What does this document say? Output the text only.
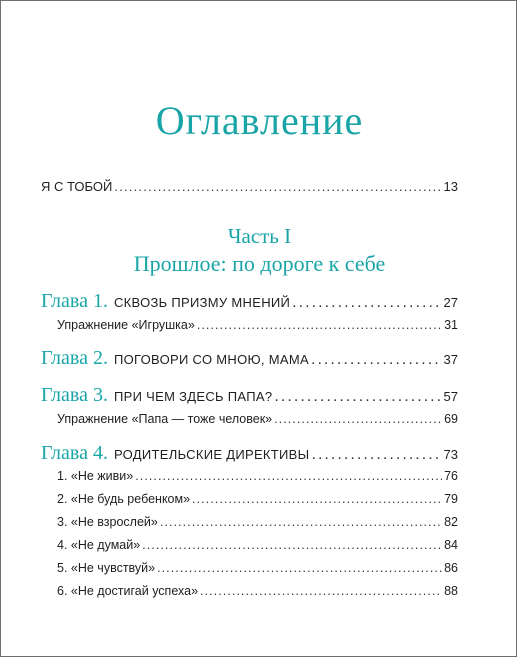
Оглавление
Я С ТОБОЙ . . .	13
Часть I
Прошлое: по дороге к себе
Глава 1. СКВОЗЬ ПРИЗМУ МНЕНИЙ . . .	27
Упражнение «Игрушка» . . .	31
Глава 2. ПОГОВОРИ СО МНОЮ, МАМА . . .	37
Глава 3. ПРИ ЧЕМ ЗДЕСЬ ПАПА? . . .	57
Упражнение «Папа — тоже человек» . . .	69
Глава 4. РОДИТЕЛЬСКИЕ ДИРЕКТИВЫ . . .	73
1. «Не живи» . . .	76
2. «Не будь ребенком» . . .	79
3. «Не взрослей» . . .	82
4. «Не думай» . . .	84
5. «Не чувствуй» . . .	86
6. «Не достигай успеха» . . .	88
